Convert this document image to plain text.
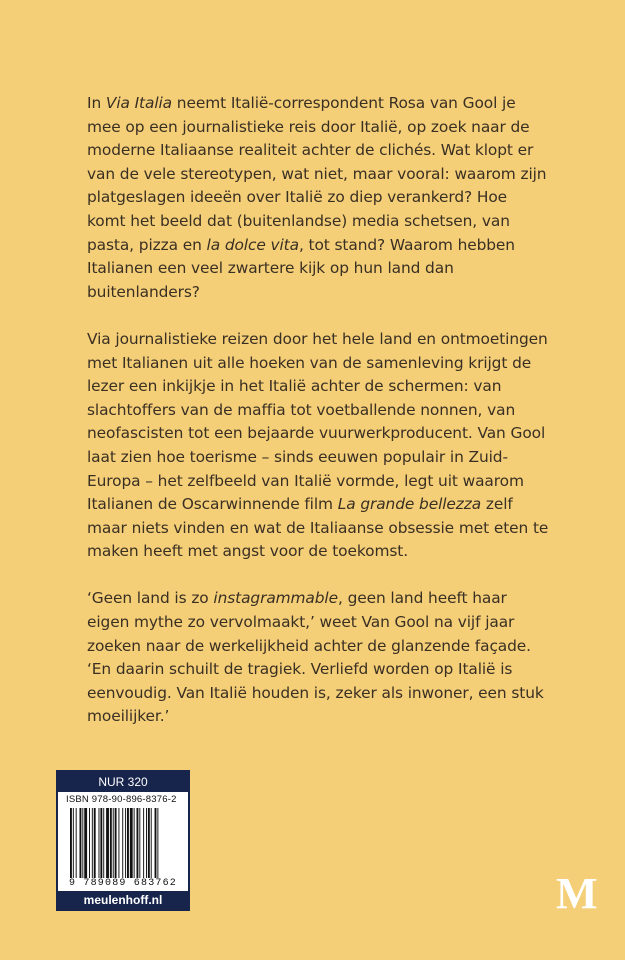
In Via Italia neemt Italië-correspondent Rosa van Gool je mee op een journalistieke reis door Italië, op zoek naar de moderne Italiaanse realiteit achter de clichés. Wat klopt er van de vele stereotypen, wat niet, maar vooral: waarom zijn platgeslagen ideeën over Italië zo diep verankerd? Hoe komt het beeld dat (buitenlandse) media schetsen, van pasta, pizza en la dolce vita, tot stand? Waarom hebben Italianen een veel zwartere kijk op hun land dan buitenlanders?

Via journalistieke reizen door het hele land en ontmoetingen met Italianen uit alle hoeken van de samenleving krijgt de lezer een inkijkje in het Italië achter de schermen: van slachtoffers van de maffia tot voetballende nonnen, van neofascisten tot een bejaarde vuurwerkproducent. Van Gool laat zien hoe toerisme – sinds eeuwen populair in Zuid-Europa – het zelfbeeld van Italië vormde, legt uit waarom Italianen de Oscarwinnende film La grande bellezza zelf maar niets vinden en wat de Italiaanse obsessie met eten te maken heeft met angst voor de toekomst.

‘Geen land is zo instagrammable, geen land heeft haar eigen mythe zo vervolmaakt,’ weet Van Gool na vijf jaar zoeken naar de werkelijkheid achter de glanzende façade. ‘En daarin schuilt de tragiek. Verliefd worden op Italië is eenvoudig. Van Italië houden is, zeker als inwoner, een stuk moeilijker.’

NUR 320
ISBN 978-90-896-8376-2
9 789089 683762
meulenhoff.nl	M
